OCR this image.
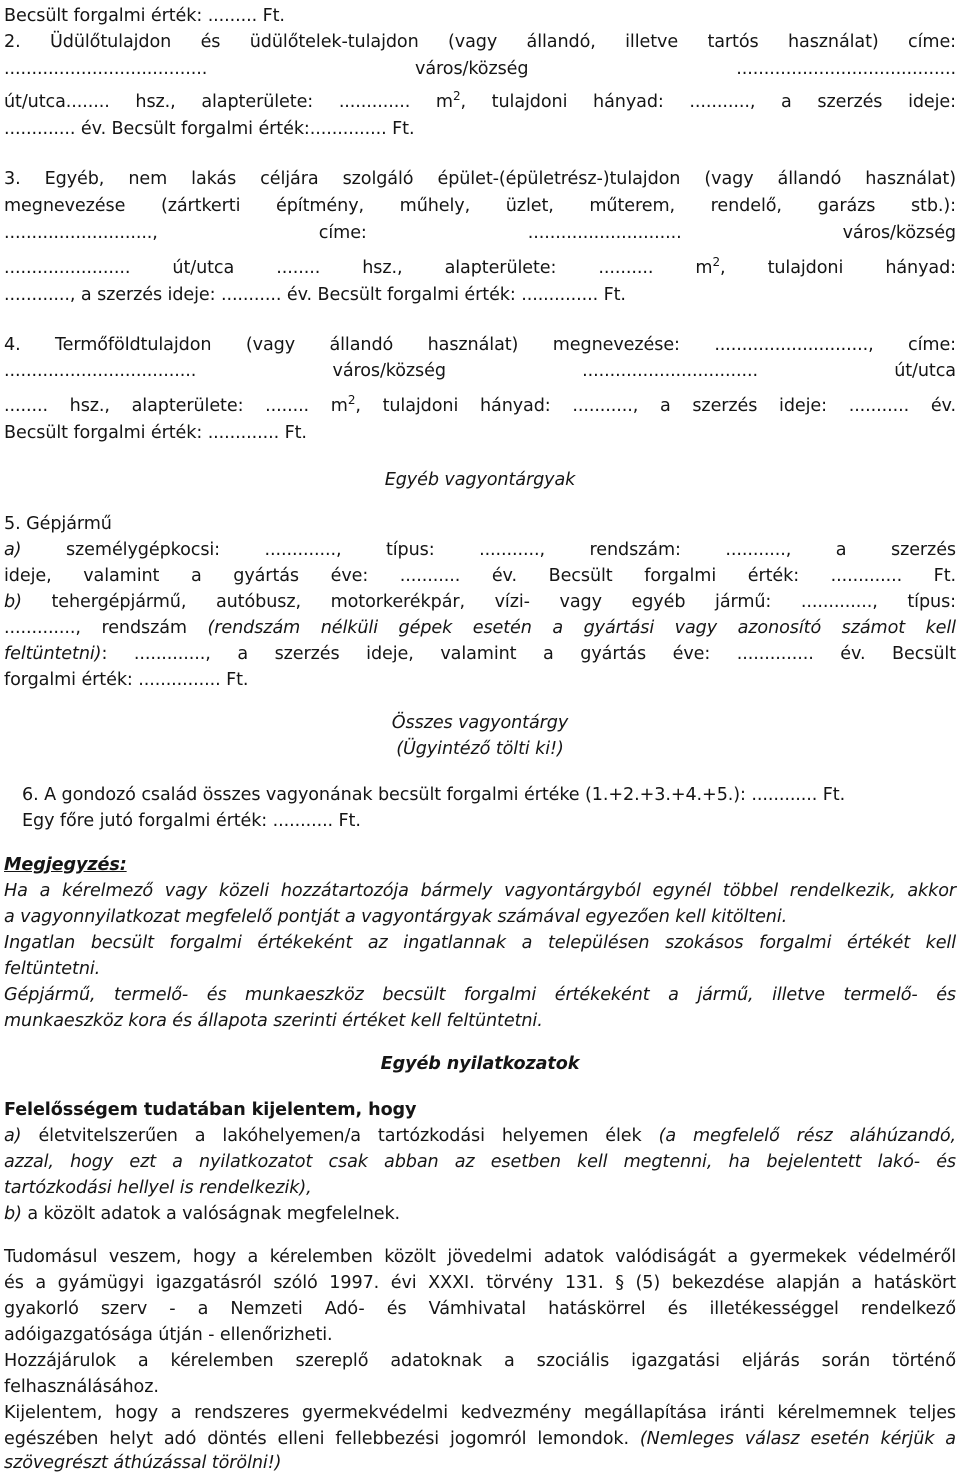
Becsült forgalmi érték: ......... Ft.
2. Üdülőtulajdon és üdülőtelek-tulajdon (vagy állandó, illetve tartós használat) címe:
..................................... város/község ........................................
út/utca........ hsz., alapterülete: ............. $m^2$, tulajdoni hányad: ..........., a szerzés ideje:
............. év. Becsült forgalmi érték:.............. Ft.
3. Egyéb, nem lakás céljára szolgáló épület-(épületrész-)tulajdon (vagy állandó használat)
megnevezése (zártkerti építmény, műhely, üzlet, műterem, rendelő, garázs stb.):
..........................., címe: ............................ város/község
....................... út/utca ........ hsz., alapterülete: .......... $m^2$, tulajdoni hányad:
............, a szerzés ideje: ........... év. Becsült forgalmi érték: .............. Ft.
4. Termőföldtulajdon (vagy állandó használat) megnevezése: ............................, címe:
................................... város/község ................................ út/utca
........ hsz., alapterülete: ........ $m^2$, tulajdoni hányad: ..........., a szerzés ideje: ........... év.
Becsült forgalmi érték: ............. Ft.
Egyéb vagyontárgyak
5. Gépjármű
a)	személygépkocsi: ............., típus: ..........., rendszám: ..........., a szerzés
ideje, valamint a gyártás éve: ........... év. Becsült forgalmi érték: ............. Ft.
b) tehergépjármű, autóbusz, motorkerékpár, vízi- vagy egyéb jármű: ............., típus:
............., rendszám (rendszám nélküli gépek esetén a gyártási vagy azonosító számot kell
feltüntetni): ............., a szerzés ideje, valamint a gyártás éve: .............. év. Becsült
forgalmi érték: ............... Ft.
Összes vagyontárgy
(Ügyintéző tölti ki!)
6. A gondozó család összes vagyonának becsült forgalmi értéke (1.+2.+3.+4.+5.): ............ Ft.
Egy főre jutó forgalmi érték: ........... Ft.
Megjegyzés:
Ha a kérelmező vagy közeli hozzátartozója bármely vagyontárgyból egynél többel rendelkezik, akkor
a vagyonnyilatkozat megfelelő pontját a vagyontárgyak számával egyezően kell kitölteni.
Ingatlan becsült forgalmi értékeként az ingatlannak a településen szokásos forgalmi értékét kell
feltüntetni.
Gépjármű, termelő- és munkaeszköz becsült forgalmi értékeként a jármű, illetve termelő- és
munkaeszköz kora és állapota szerinti értéket kell feltüntetni.
Egyéb nyilatkozatok
Felelősségem tudatában kijelentem, hogy
a) életvitelszerűen a lakóhelyemen/a tartózkodási helyemen élek (a megfelelő rész aláhúzandó,
azzal, hogy ezt a nyilatkozatot csak abban az esetben kell megtenni, ha bejelentett lakó- és
tartózkodási hellyel is rendelkezik),
b) a közölt adatok a valóságnak megfelelnek.
Tudomásul veszem, hogy a kérelemben közölt jövedelmi adatok valódiságát a gyermekek védelméről
és a gyámügyi igazgatásról szóló 1997. évi XXXI. törvény 131. § (5) bekezdése alapján a hatáskört
gyakorló szerv - a Nemzeti Adó- és Vámhivatal hatáskörrel és illetékességgel rendelkező
adóigazgatósága útján - ellenőrizheti.
Hozzájárulok a kérelemben szereplő adatoknak a szociális igazgatási eljárás során történő
felhasználásához.
Kijelentem, hogy a rendszeres gyermekvédelmi kedvezmény megállapítása iránti kérelmemnek teljes
egészében helyt adó döntés elleni fellebbezési jogomról lemondok. (Nemleges válasz esetén kérjük a
szövegrészt áthúzással törölni!)
